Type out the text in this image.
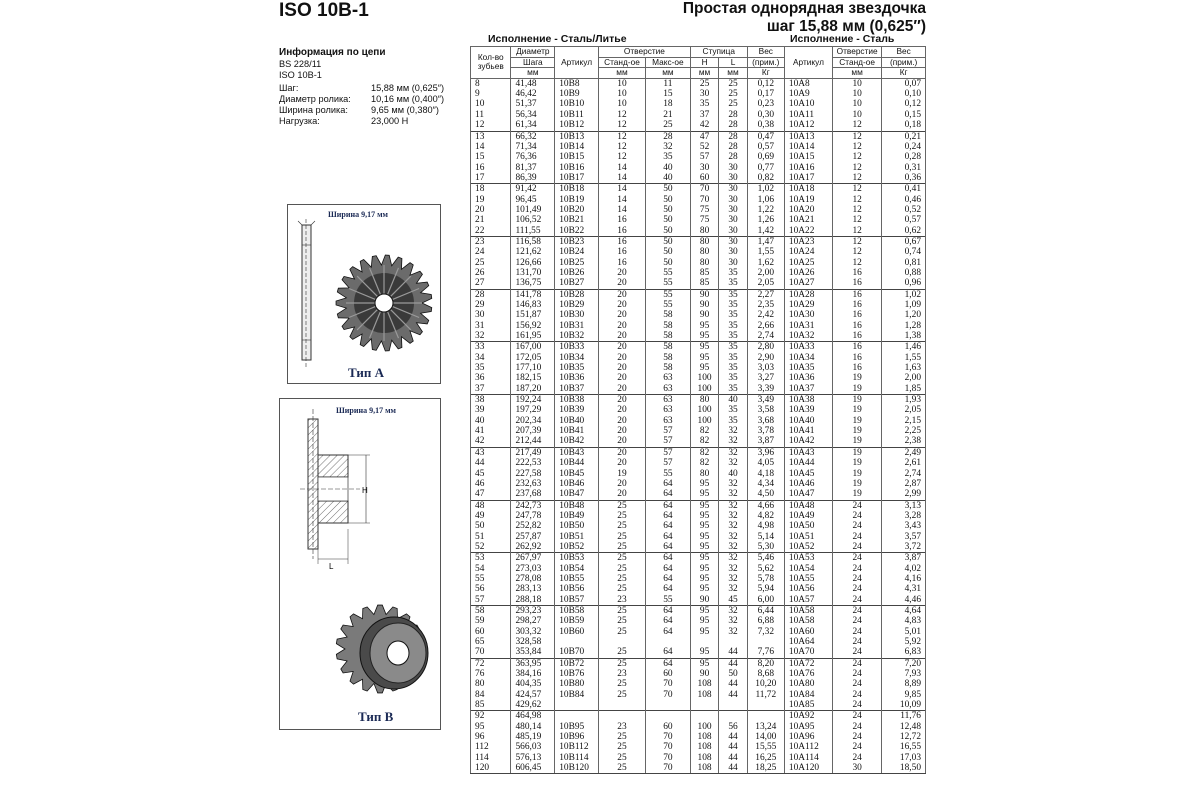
ISO 10B-1	Простая однорядная звездочка
шаг 15,88 мм (0,625″)
Информация по цепи
BS 228/11
ISO 10B-1
Шаг:	15,88 мм (0,625″)
Диаметр ролика:	10,16 мм (0,400″)
Ширина ролика:	9,65 мм (0,380″)
Нагрузка:	23,000 Н
Ширина 9,17 мм
Тип А
H
L
Ширина 9,17 мм
Тип В
Исполнение - Сталь/Литье	Исполнение - Сталь
Кол-во зубьев	Диаметр	Артикул	Отверстие		Ступица		Вес	Артикул	Отверстие	Вес
	Шага		Станд-ое	Макс-ое	H	L	(прим.)		Станд-ое	(прим.)
	мм		мм	мм	мм	мм	Кг		мм	Кг
8	41,48	10B8	10	11	25	25	0,12	10A8	10	0,07
9	46,42	10B9	10	15	30	25	0,17	10A9	10	0,10
10	51,37	10B10	10	18	35	25	0,23	10A10	10	0,12
11	56,34	10B11	12	21	37	28	0,30	10A11	10	0,15
12	61,34	10B12	12	25	42	28	0,38	10A12	12	0,18
13	66,32	10B13	12	28	47	28	0,47	10A13	12	0,21
14	71,34	10B14	12	32	52	28	0,57	10A14	12	0,24
15	76,36	10B15	12	35	57	28	0,69	10A15	12	0,28
16	81,37	10B16	14	40	30	30	0,77	10A16	12	0,31
17	86,39	10B17	14	40	60	30	0,82	10A17	12	0,36
18	91,42	10B18	14	50	70	30	1,02	10A18	12	0,41
19	96,45	10B19	14	50	70	30	1,06	10A19	12	0,46
20	101,49	10B20	14	50	75	30	1,22	10A20	12	0,52
21	106,52	10B21	16	50	75	30	1,26	10A21	12	0,57
22	111,55	10B22	16	50	80	30	1,42	10A22	12	0,62
23	116,58	10B23	16	50	80	30	1,47	10A23	12	0,67
24	121,62	10B24	16	50	80	30	1,55	10A24	12	0,74
25	126,66	10B25	16	50	80	30	1,62	10A25	12	0,81
26	131,70	10B26	20	55	85	35	2,00	10A26	16	0,88
27	136,75	10B27	20	55	85	35	2,05	10A27	16	0,96
28	141,78	10B28	20	55	90	35	2,27	10A28	16	1,02
29	146,83	10B29	20	55	90	35	2,35	10A29	16	1,09
30	151,87	10B30	20	58	90	35	2,42	10A30	16	1,20
31	156,92	10B31	20	58	95	35	2,66	10A31	16	1,28
32	161,95	10B32	20	58	95	35	2,74	10A32	16	1,38
33	167,00	10B33	20	58	95	35	2,80	10A33	16	1,46
34	172,05	10B34	20	58	95	35	2,90	10A34	16	1,55
35	177,10	10B35	20	58	95	35	3,03	10A35	16	1,63
36	182,15	10B36	20	63	100	35	3,27	10A36	19	2,00
37	187,20	10B37	20	63	100	35	3,39	10A37	19	1,85
38	192,24	10B38	20	63	80	40	3,49	10A38	19	1,93
39	197,29	10B39	20	63	100	35	3,58	10A39	19	2,05
40	202,34	10B40	20	63	100	35	3,68	10A40	19	2,15
41	207,39	10B41	20	57	82	32	3,78	10A41	19	2,25
42	212,44	10B42	20	57	82	32	3,87	10A42	19	2,38
43	217,49	10B43	20	57	82	32	3,96	10A43	19	2,49
44	222,53	10B44	20	57	82	32	4,05	10A44	19	2,61
45	227,58	10B45	19	55	80	40	4,18	10A45	19	2,74
46	232,63	10B46	20	64	95	32	4,34	10A46	19	2,87
47	237,68	10B47	20	64	95	32	4,50	10A47	19	2,99
48	242,73	10B48	25	64	95	32	4,66	10A48	24	3,13
49	247,78	10B49	25	64	95	32	4,82	10A49	24	3,28
50	252,82	10B50	25	64	95	32	4,98	10A50	24	3,43
51	257,87	10B51	25	64	95	32	5,14	10A51	24	3,57
52	262,92	10B52	25	64	95	32	5,30	10A52	24	3,72
53	267,97	10B53	25	64	95	32	5,46	10A53	24	3,87
54	273,03	10B54	25	64	95	32	5,62	10A54	24	4,02
55	278,08	10B55	25	64	95	32	5,78	10A55	24	4,16
56	283,13	10B56	25	64	95	32	5,94	10A56	24	4,31
57	288,18	10B57	23	55	90	45	6,00	10A57	24	4,46
58	293,23	10B58	25	64	95	32	6,44	10A58	24	4,64
59	298,27	10B59	25	64	95	32	6,88	10A58	24	4,83
60	303,32	10B60	25	64	95	32	7,32	10A60	24	5,01
65	328,58							10A64	24	5,92
70	353,84	10B70	25	64	95	44	7,76	10A70	24	6,83
72	363,95	10B72	25	64	95	44	8,20	10A72	24	7,20
76	384,16	10B76	23	60	90	50	8,68	10A76	24	7,93
80	404,35	10B80	25	70	108	44	10,20	10A80	24	8,89
84	424,57	10B84	25	70	108	44	11,72	10A84	24	9,85
85	429,62							10A85	24	10,09
92	464,98							10A92	24	11,76
95	480,14	10B95	23	60	100	56	13,24	10A95	24	12,48
96	485,19	10B96	25	70	108	44	14,00	10A96	24	12,72
112	566,03	10B112	25	70	108	44	15,55	10A112	24	16,55
114	576,13	10B114	25	70	108	44	16,25	10A114	24	17,03
120	606,45	10B120	25	70	108	44	18,25	10A120	30	18,50
